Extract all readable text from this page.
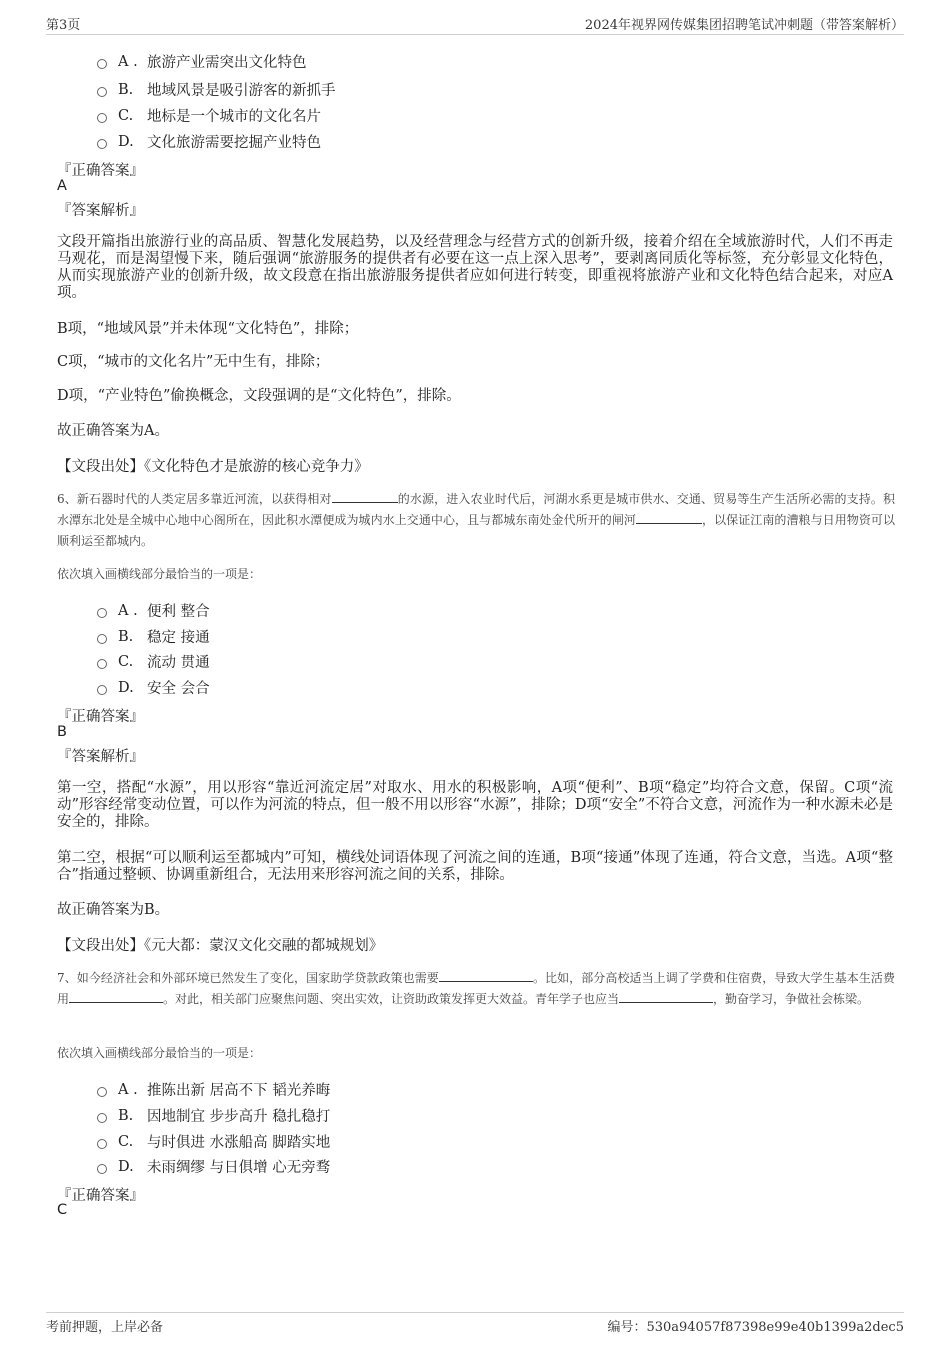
第3页	2024年视界网传媒集团招聘笔试冲刺题（带答案解析）
A . 旅游产业需突出文化特色
B. 地域风景是吸引游客的新抓手
C. 地标是一个城市的文化名片
D. 文化旅游需要挖掘产业特色
『正确答案』
A
『答案解析』
文段开篇指出旅游行业的高品质、智慧化发展趋势，以及经营理念与经营方式的创新升级，接着介绍在全域旅游时代，人们不再走马观花，而是渴望慢下来，随后强调“旅游服务的提供者有必要在这一点上深入思考”，要剥离同质化等标签，充分彰显文化特色，从而实现旅游产业的创新升级，故文段意在指出旅游服务提供者应如何进行转变，即重视将旅游产业和文化特色结合起来，对应A项。
B项，“地域风景”并未体现“文化特色”，排除；
C项，“城市的文化名片”无中生有，排除；
D项，“产业特色”偷换概念，文段强调的是“文化特色”，排除。
故正确答案为A。
【文段出处】《文化特色才是旅游的核心竞争力》
6、新石器时代的人类定居多靠近河流，以获得相对	的水源，进入农业时代后，河湖水系更是城市供水、交通、贸易等生产生活所必需的支持。积水潭东北处是全城中心地中心阁所在，因此积水潭便成为城内水上交通中心，且与都城东南处金代所开的闸河	，以保证江南的漕粮与日用物资可以顺利运至都城内。
依次填入画横线部分最恰当的一项是：
A . 便利 整合
B. 稳定 接通
C. 流动 贯通
D. 安全 会合
『正确答案』
B
『答案解析』
第一空，搭配“水源”，用以形容“靠近河流定居”对取水、用水的积极影响，A项“便利”、B项“稳定”均符合文意，保留。C项“流动”形容经常变动位置，可以作为河流的特点，但一般不用以形容“水源”，排除；D项“安全”不符合文意，河流作为一种水源未必是安全的，排除。
第二空，根据“可以顺利运至都城内”可知，横线处词语体现了河流之间的连通，B项“接通”体现了连通，符合文意，当选。A项“整合”指通过整顿、协调重新组合，无法用来形容河流之间的关系，排除。
故正确答案为B。
【文段出处】《元大都：蒙汉文化交融的都城规划》
7、如今经济社会和外部环境已然发生了变化，国家助学贷款政策也需要	。比如，部分高校适当上调了学费和住宿费，导致大学生基本生活费用	。对此，相关部门应聚焦问题、突出实效，让资助政策发挥更大效益。青年学子也应当	，勤奋学习，争做社会栋梁。
依次填入画横线部分最恰当的一项是：
A . 推陈出新 居高不下 韬光养晦
B. 因地制宜 步步高升 稳扎稳打
C. 与时俱进 水涨船高 脚踏实地
D. 未雨绸缪 与日俱增 心无旁骛
『正确答案』
C
考前押题，上岸必备	编号：530a94057f87398e99e40b1399a2dec5
